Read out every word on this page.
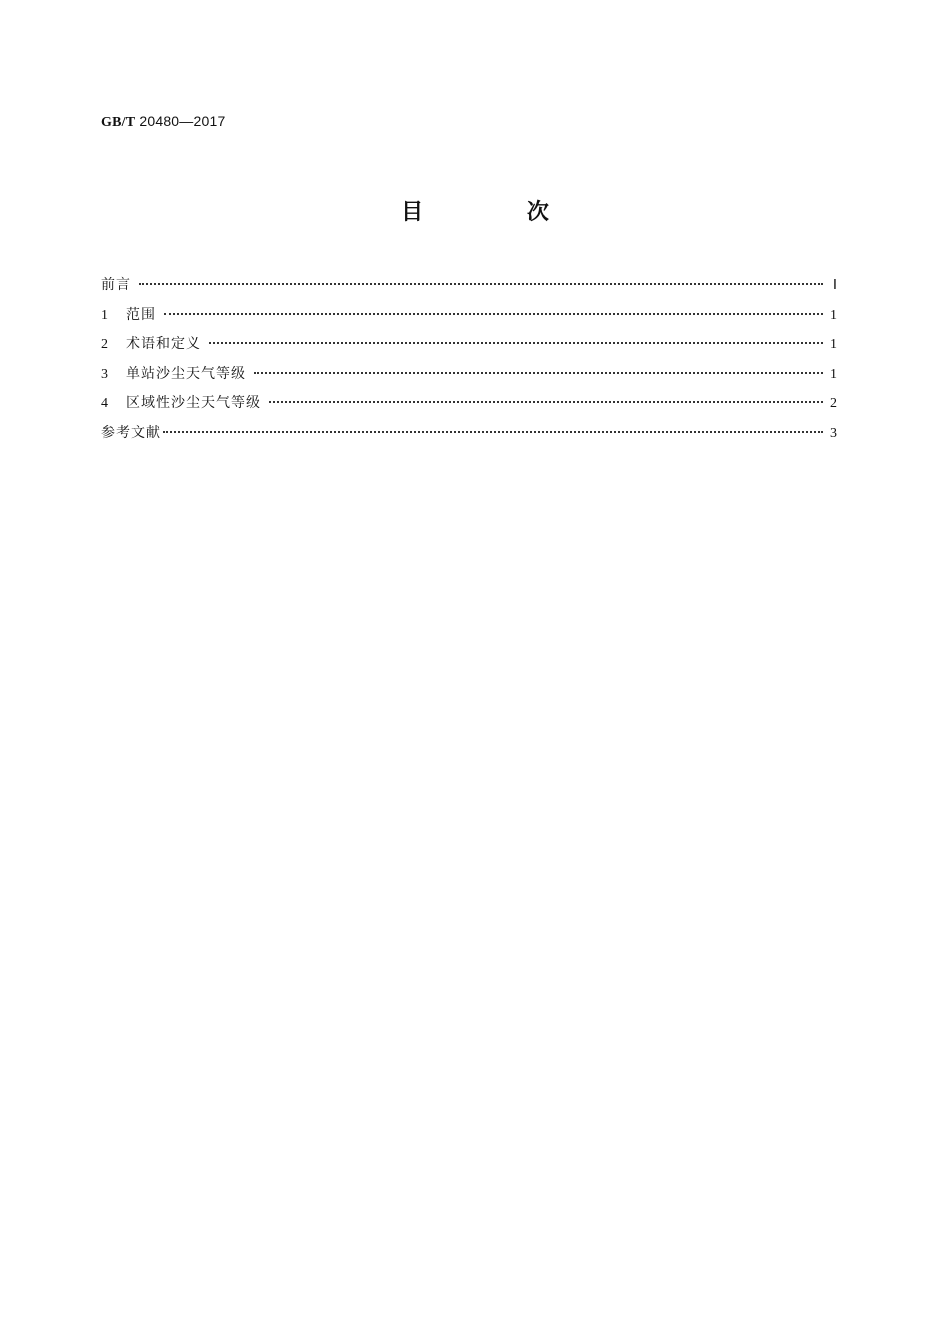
GB/T 20480—2017
目 次
前言	Ⅰ
1	范围	1
2	术语和定义	1
3	单站沙尘天气等级	1
4	区域性沙尘天气等级	2
参考文献	3
